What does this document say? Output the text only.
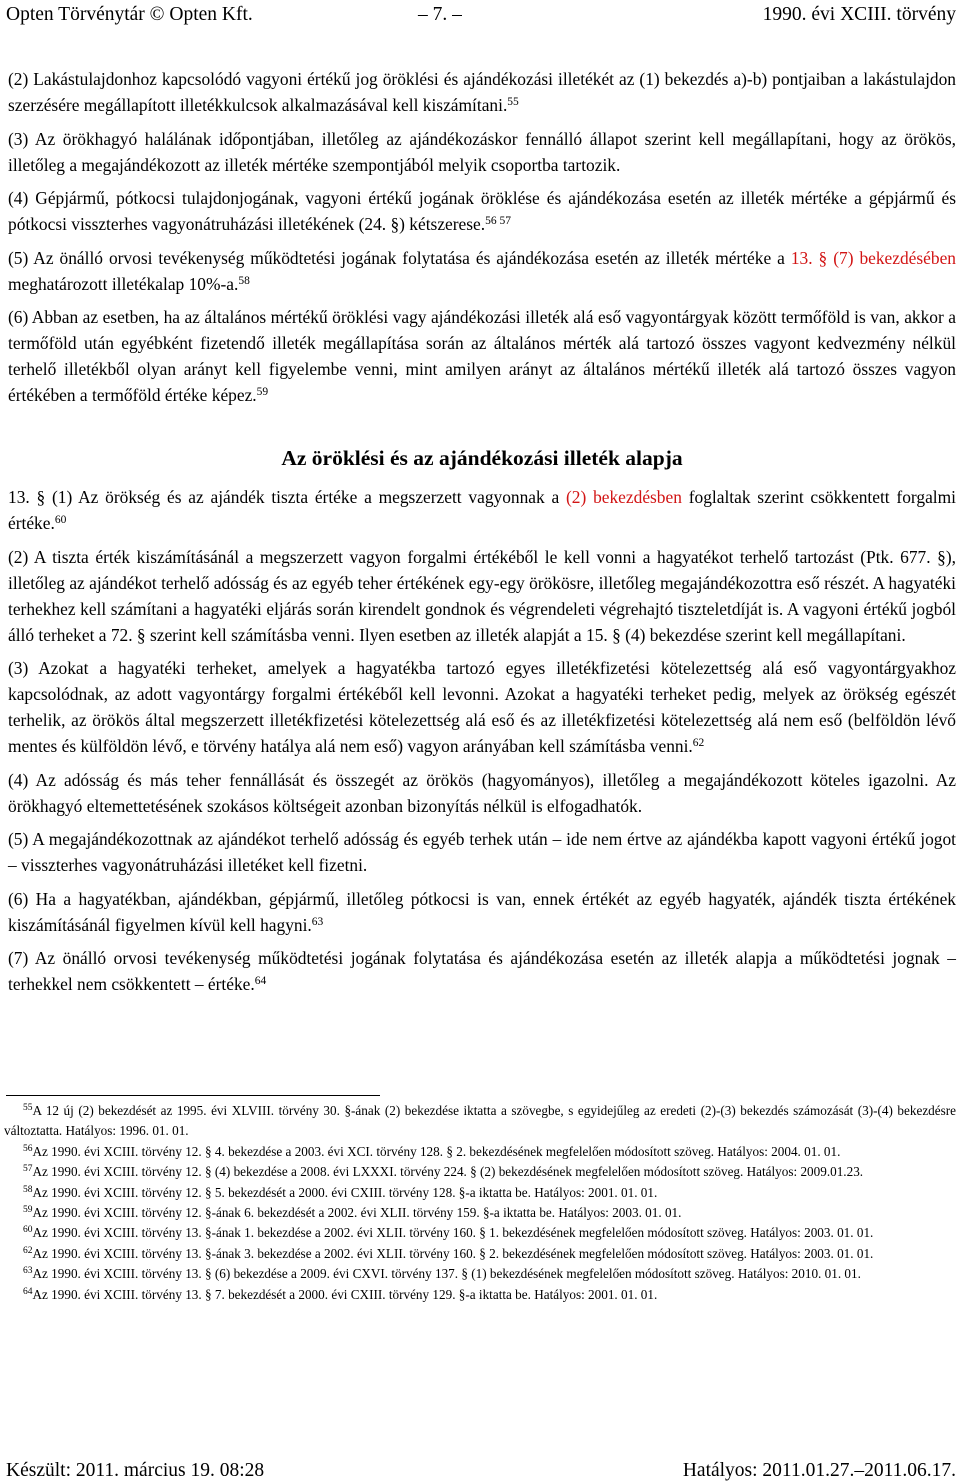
Opten Törvénytár © Opten Kft.	– 7. –	1990. évi XCIII. törvény

(2) Lakástulajdonhoz kapcsolódó vagyoni értékű jog öröklési és ajándékozási illetékét az (1) bekezdés a)-b) pontjaiban a lakástulajdon szerzésére megállapított illetékkulcsok alkalmazásával kell kiszámítani.$^{55}$

(3) Az örökhagyó halálának időpontjában, illetőleg az ajándékozáskor fennálló állapot szerint kell megállapítani, hogy az örökös, illetőleg a megajándékozott az illeték mértéke szempontjából melyik csoportba tartozik.

(4) Gépjármű, pótkocsi tulajdonjogának, vagyoni értékű jogának öröklése és ajándékozása esetén az illeték mértéke a gépjármű és pótkocsi visszterhes vagyonátruházási illetékének (24. §) kétszerese.$^{56 57}$

(5) Az önálló orvosi tevékenység működtetési jogának folytatása és ajándékozása esetén az illeték mértéke a 13. § (7) bekezdésében meghatározott illetékalap 10%-a.$^{58}$

(6) Abban az esetben, ha az általános mértékű öröklési vagy ajándékozási illeték alá eső vagyontárgyak között termőföld is van, akkor a termőföld után egyébként fizetendő illeték megállapítása során az általános mérték alá tartozó összes vagyont kedvezmény nélkül terhelő illetékből olyan arányt kell figyelembe venni, mint amilyen arányt az általános mértékű illeték alá tartozó összes vagyon értékében a termőföld értéke képez.$^{59}$

Az öröklési és az ajándékozási illeték alapja

13. § (1) Az örökség és az ajándék tiszta értéke a megszerzett vagyonnak a (2) bekezdésben foglaltak szerint csökkentett forgalmi értéke.$^{60}$

(2) A tiszta érték kiszámításánál a megszerzett vagyon forgalmi értékéből le kell vonni a hagyatékot terhelő tartozást (Ptk. 677. §), illetőleg az ajándékot terhelő adósság és az egyéb teher értékének egy-egy örökösre, illetőleg megajándékozottra eső részét. A hagyatéki terhekhez kell számítani a hagyatéki eljárás során kirendelt gondnok és végrendeleti végrehajtó tiszteletdíját is. A vagyoni értékű jogból álló terheket a 72. § szerint kell számításba venni. Ilyen esetben az illeték alapját a 15. § (4) bekezdése szerint kell megállapítani.

(3) Azokat a hagyatéki terheket, amelyek a hagyatékba tartozó egyes illetékfizetési kötelezettség alá eső vagyontárgyakhoz kapcsolódnak, az adott vagyontárgy forgalmi értékéből kell levonni. Azokat a hagyatéki terheket pedig, melyek az örökség egészét terhelik, az örökös által megszerzett illetékfizetési kötelezettség alá eső és az illetékfizetési kötelezettség alá nem eső (belföldön lévő mentes és külföldön lévő, e törvény hatálya alá nem eső) vagyon arányában kell számításba venni.$^{62}$

(4) Az adósság és más teher fennállását és összegét az örökös (hagyományos), illetőleg a megajándékozott köteles igazolni. Az örökhagyó eltemettetésének szokásos költségeit azonban bizonyítás nélkül is elfogadhatók.

(5) A megajándékozottnak az ajándékot terhelő adósság és egyéb terhek után – ide nem értve az ajándékba kapott vagyoni értékű jogot – visszterhes vagyonátruházási illetéket kell fizetni.

(6) Ha a hagyatékban, ajándékban, gépjármű, illetőleg pótkocsi is van, ennek értékét az egyéb hagyaték, ajándék tiszta értékének kiszámításánál figyelmen kívül kell hagyni.$^{63}$

(7) Az önálló orvosi tevékenység működtetési jogának folytatása és ajándékozása esetén az illeték alapja a működtetési jognak – terhekkel nem csökkentett – értéke.$^{64}$

$^{55}$A 12 új (2) bekezdését az 1995. évi XLVIII. törvény 30. §-ának (2) bekezdése iktatta a szövegbe, s egyidejűleg az eredeti (2)-(3) bekezdés számozását (3)-(4) bekezdésre változtatta. Hatályos: 1996. 01. 01.

$^{56}$Az 1990. évi XCIII. törvény 12. § 4. bekezdése a 2003. évi XCI. törvény 128. § 2. bekezdésének megfelelően módosított szöveg. Hatályos: 2004. 01. 01.

$^{57}$Az 1990. évi XCIII. törvény 12. § (4) bekezdése a 2008. évi LXXXI. törvény 224. § (2) bekezdésének megfelelően módosított szöveg. Hatályos: 2009.01.23.

$^{58}$Az 1990. évi XCIII. törvény 12. § 5. bekezdését a 2000. évi CXIII. törvény 128. §-a iktatta be. Hatályos: 2001. 01. 01.

$^{59}$Az 1990. évi XCIII. törvény 12. §-ának 6. bekezdését a 2002. évi XLII. törvény 159. §-a iktatta be. Hatályos: 2003. 01. 01.

$^{60}$Az 1990. évi XCIII. törvény 13. §-ának 1. bekezdése a 2002. évi XLII. törvény 160. § 1. bekezdésének megfelelően módosított szöveg. Hatályos: 2003. 01. 01.

$^{62}$Az 1990. évi XCIII. törvény 13. §-ának 3. bekezdése a 2002. évi XLII. törvény 160. § 2. bekezdésének megfelelően módosított szöveg. Hatályos: 2003. 01. 01.

$^{63}$Az 1990. évi XCIII. törvény 13. § (6) bekezdése a 2009. évi CXVI. törvény 137. § (1) bekezdésének megfelelően módosított szöveg. Hatályos: 2010. 01. 01.

$^{64}$Az 1990. évi XCIII. törvény 13. § 7. bekezdését a 2000. évi CXIII. törvény 129. §-a iktatta be. Hatályos: 2001. 01. 01.

Készült: 2011. március 19. 08:28	Hatályos: 2011.01.27.–2011.06.17.
